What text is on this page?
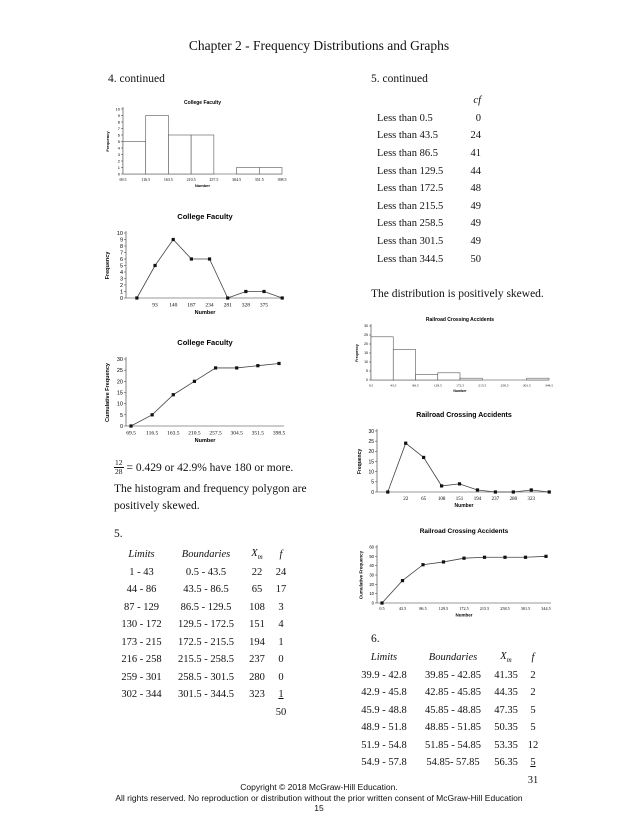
Chapter 2 - Frequency Distributions and Graphs
4. continued
College Faculty
0
1
2
3
4
5
6
7
8
9
10
Frequency
Number
69.5	116.5	163.5	210.5	257.5	304.5	351.5	398.5
College Faculty
0
1
2
3
4
5
6
7
8
9
10
Frequency
Number
93 140 187 234 281 328 375
College Faculty
0
5
10
15
20
25
30
Cumulative Frequency
Number
69.5 116.5 163.5 210.5 257.5 304.5 351.5 398.5
$\frac{12}{28} = 0.429$ or 42.9% have 180 or more.
The histogram and frequency polygon are positively skewed.
5.
Limits	Boundaries	$X_m$	f
1 - 43	0.5 - 43.5	22	24
44 - 86	43.5 - 86.5	65	17
87 - 129	86.5 - 129.5	108	3
130 - 172	129.5 - 172.5	151	4
173 - 215	172.5 - 215.5	194	1
216 - 258	215.5 - 258.5	237	0
259 - 301	258.5 - 301.5	280	0
302 - 344	301.5 - 344.5	323	1
			50
5. continued
	cf
Less than 0.5	0
Less than 43.5	24
Less than 86.5	41
Less than 129.5	44
Less than 172.5	48
Less than 215.5	49
Less than 258.5	49
Less than 301.5	49
Less than 344.5	50
The distribution is positively skewed.
Railroad Crossing Accidents
0
5
10
15
20
25
30
Frequency
Number
0.5	43.5	86.5	129.5	172.5	215.5	258.5	301.5	344.5
Railroad Crossing Accidents
0
5
10
15
20
25
30
Frequency
Number
22	65 108 151 194 237 280 323
Railroad Crossing Accidents
0
10
20
30
40
50
60
Cumulative Frequency
Number
0.5	43.5	86.5	129.5	172.5	215.5	258.5	301.5	344.5
6.
Limits	Boundaries	$X_m$	f
39.9 - 42.8	39.85 - 42.85	41.35	2
42.9 - 45.8	42.85 - 45.85	44.35	2
45.9 - 48.8	45.85 - 48.85	47.35	5
48.9 - 51.8	48.85 - 51.85	50.35	5
51.9 - 54.8	51.85 - 54.85	53.35	12
54.9 - 57.8	54.85- 57.85	56.35	5
			31
Copyright © 2018 McGraw-Hill Education.
All rights reserved. No reproduction or distribution without the prior written consent of McGraw-Hill Education
15
